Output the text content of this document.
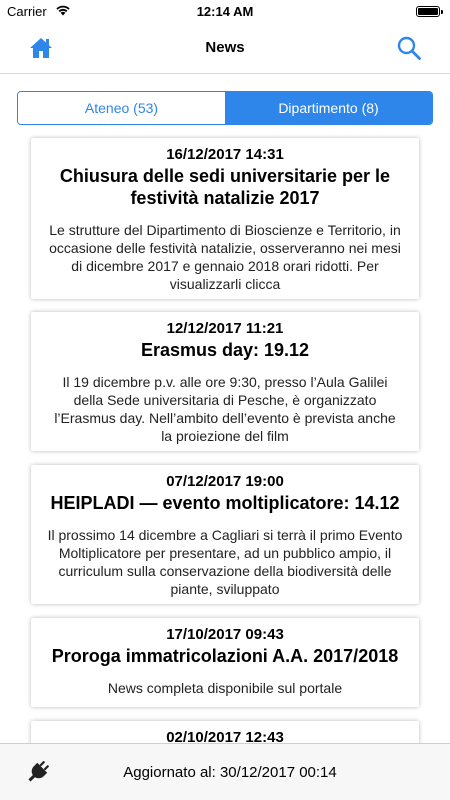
Carrier	12:14 AM
News
Ateneo (53)	Dipartimento (8)
16/12/2017 14:31
Chiusura delle sedi universitarie per le festività natalizie 2017
Le strutture del Dipartimento di Bioscienze e Territorio, in occasione delle festività natalizie, osserveranno nei mesi di dicembre 2017 e gennaio 2018 orari ridotti. Per visualizzarli clicca
12/12/2017 11:21
Erasmus day: 19.12
Il 19 dicembre p.v. alle ore 9:30, presso l’Aula Galilei della Sede universitaria di Pesche, è organizzato l’Erasmus day. Nell’ambito dell’evento è prevista anche la proiezione del film
07/12/2017 19:00
HEIPLADI — evento moltiplicatore: 14.12
Il prossimo 14 dicembre a Cagliari si terrà il primo Evento Moltiplicatore per presentare, ad un pubblico ampio, il curriculum sulla conservazione della biodiversità delle piante, sviluppato
17/10/2017 09:43
Proroga immatricolazioni A.A. 2017/2018
News completa disponibile sul portale
02/10/2017 12:43
Aggiornato al: 30/12/2017 00:14
